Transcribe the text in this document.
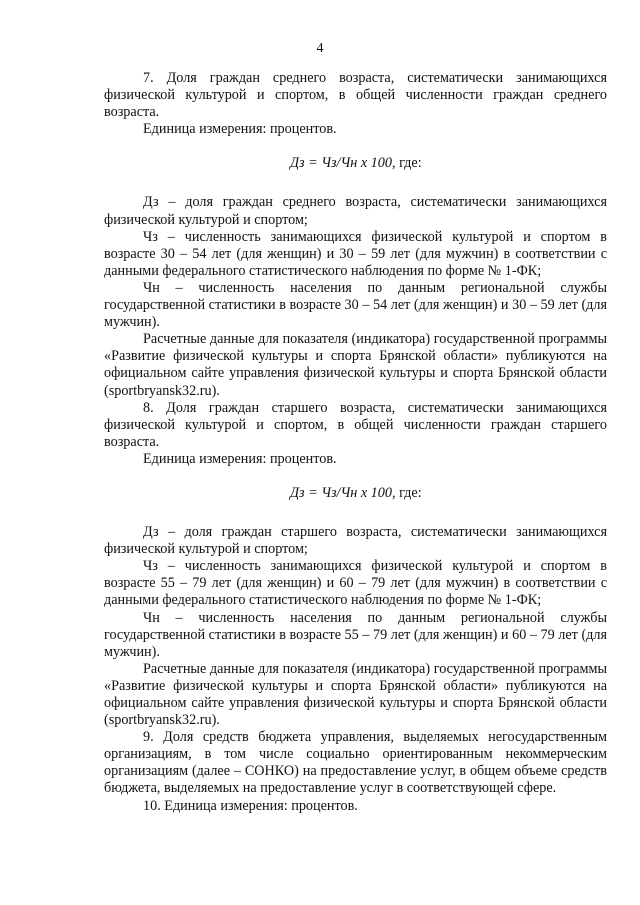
4

7. Доля граждан среднего возраста, систематически занимающихся физической культурой и спортом, в общей численности граждан среднего возраста.

Единица измерения: процентов.

Дз = Чз/Чн х 100, где:

Дз – доля граждан среднего возраста, систематически занимающихся физической культурой и спортом;

Чз – численность занимающихся физической культурой и спортом в возрасте 30 – 54 лет (для женщин) и 30 – 59 лет (для мужчин) в соответствии с данными федерального статистического наблюдения по форме № 1-ФК;

Чн – численность населения по данным региональной службы государственной статистики в возрасте 30 – 54 лет (для женщин) и 30 – 59 лет (для мужчин).

Расчетные данные для показателя (индикатора) государственной программы «Развитие физической культуры и спорта Брянской области» публикуются на официальном сайте управления физической культуры и спорта Брянской области (sportbryansk32.ru).

8. Доля граждан старшего возраста, систематически занимающихся физической культурой и спортом, в общей численности граждан старшего возраста.

Единица измерения: процентов.

Дз = Чз/Чн х 100, где:

Дз – доля граждан старшего возраста, систематически занимающихся физической культурой и спортом;

Чз – численность занимающихся физической культурой и спортом в возрасте 55 – 79 лет (для женщин) и 60 – 79 лет (для мужчин) в соответствии с данными федерального статистического наблюдения по форме № 1-ФК;

Чн – численность населения по данным региональной службы государственной статистики в возрасте 55 – 79 лет (для женщин) и 60 – 79 лет (для мужчин).

Расчетные данные для показателя (индикатора) государственной программы «Развитие физической культуры и спорта Брянской области» публикуются на официальном сайте управления физической культуры и спорта Брянской области (sportbryansk32.ru).

9. Доля средств бюджета управления, выделяемых негосударственным организациям, в том числе социально ориентированным некоммерческим организациям (далее – СОНКО) на предоставление услуг, в общем объеме средств бюджета, выделяемых на предоставление услуг в соответствующей сфере.

10. Единица измерения: процентов.
